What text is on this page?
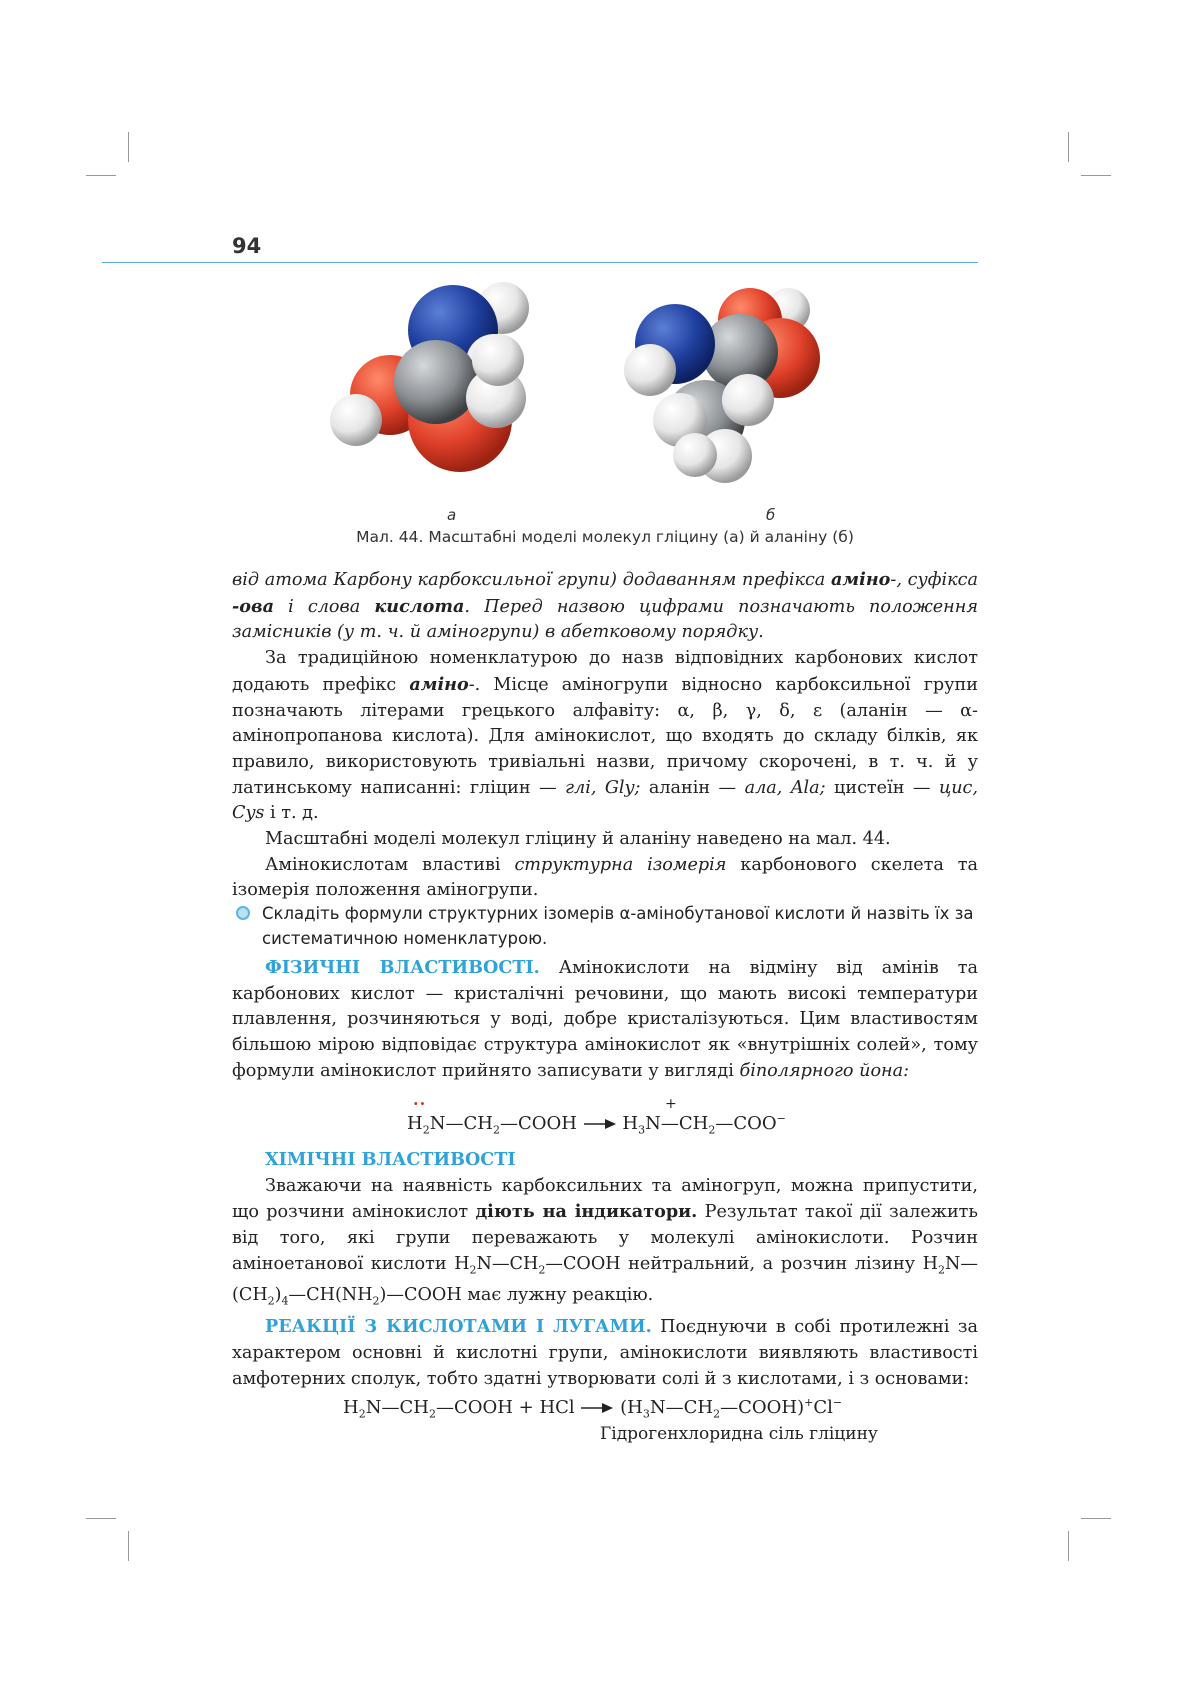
94
а	б
Мал. 44. Масштабні моделі молекул гліцину (а) й аланіну (б)

від атома Карбону карбоксильної групи) додаванням префікса аміно-, суфікса -ова і слова кислота. Перед назвою цифрами позначають положення замісників (у т. ч. й аміногрупи) в абетковому порядку.

За традиційною номенклатурою до назв відповідних карбонових кислот додають префікс аміно-. Місце аміногрупи відносно карбоксильної групи позначають літерами грецького алфавіту: α, β, γ, δ, ε (аланін — α-амінопропанова кислота). Для амінокислот, що входять до складу білків, як правило, використовують тривіальні назви, причому скорочені, в т. ч. й у латинському написанні: гліцин — глі, Gly; аланін — ала, Ala; цистеїн — цис, Cys і т. д.

Масштабні моделі молекул гліцину й аланіну наведено на мал. 44.

Амінокислотам властиві структурна ізомерія карбонового скелета та ізомерія положення аміногрупи.

Складіть формули структурних ізомерів α-амінобутанової кислоти й назвіть їх за систематичною номенклатурою.

ФІЗИЧНІ ВЛАСТИВОСТІ. Амінокислоти на відміну від амінів та карбонових кислот — кристалічні речовини, що мають високі температури плавлення, розчиняються у воді, добре кристалізуються. Цим властивостям більшою мірою відповідає структура амінокислот як «внутрішніх солей», тому формули амінокислот прийнято записувати у вигляді біполярного йона:

..	+
$H_2N—CH_2—COOH$ → $H_3N—CH_2—COO^-$

ХІМІЧНІ ВЛАСТИВОСТІ

Зважаючи на наявність карбоксильних та аміногруп, можна припустити, що розчини амінокислот діють на індикатори. Результат такої дії залежить від того, які групи переважають у молекулі амінокислоти. Розчин аміноетанової кислоти $H_2N—CH_2—COOH$ нейтральний, а розчин лізину $H_2N—(CH_2)_4—CH(NH_2)—COOH$ має лужну реакцію.

РЕАКЦІЇ З КИСЛОТАМИ І ЛУГАМИ. Поєднуючи в собі протилежні за характером основні й кислотні групи, амінокислоти виявляють властивості амфотерних сполук, тобто здатні утворювати солі й з кислотами, і з основами:

$H_2N—CH_2—COOH$ + HCl → $(H_3N—CH_2—COOH)^+Cl^-$
Гідрогенхлоридна сіль гліцину
